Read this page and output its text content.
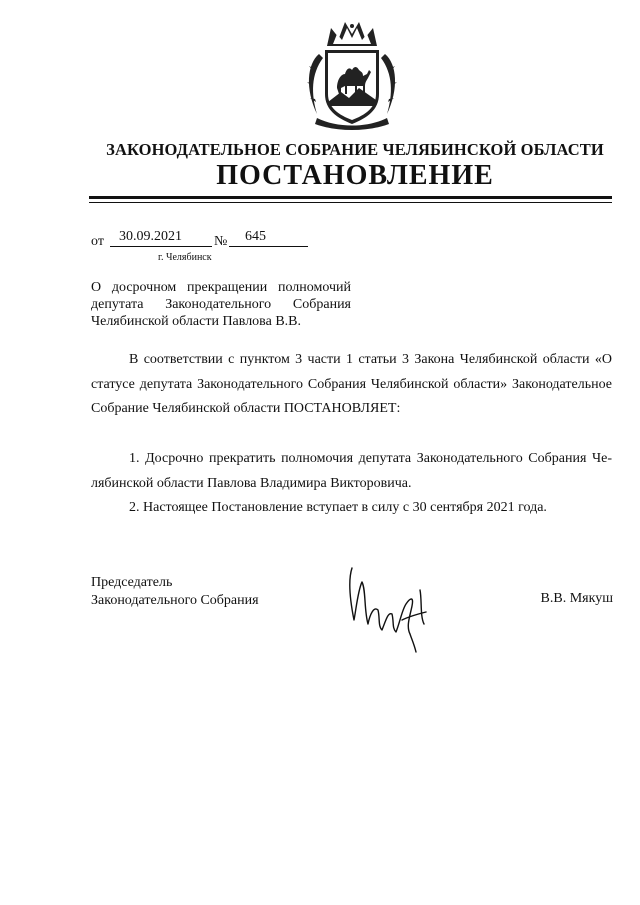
ЗАКОНОДАТЕЛЬНОЕ СОБРАНИЕ ЧЕЛЯБИНСКОЙ ОБЛАСТИ
ПОСТАНОВЛЕНИЕ
от 30.09.2021 № 645
г. Челябинск
О досрочном прекращении полномочий
депутата Законодательного Собрания
Челябинской области Павлова В.В.
В соответствии с пунктом 3 части 1 статьи 3 Закона Челябинской области «О статусе депутата Законодательного Собрания Челябинской области» Законодательное Собрание Челябинской области ПОСТАНОВЛЯЕТ:
1. Досрочно прекратить полномочия депутата Законодательного Собрания Челябинской области Павлова Владимира Викторовича.
2. Настоящее Постановление вступает в силу с 30 сентября 2021 года.
Председатель
Законодательного Собрания	В.В. Мякуш
